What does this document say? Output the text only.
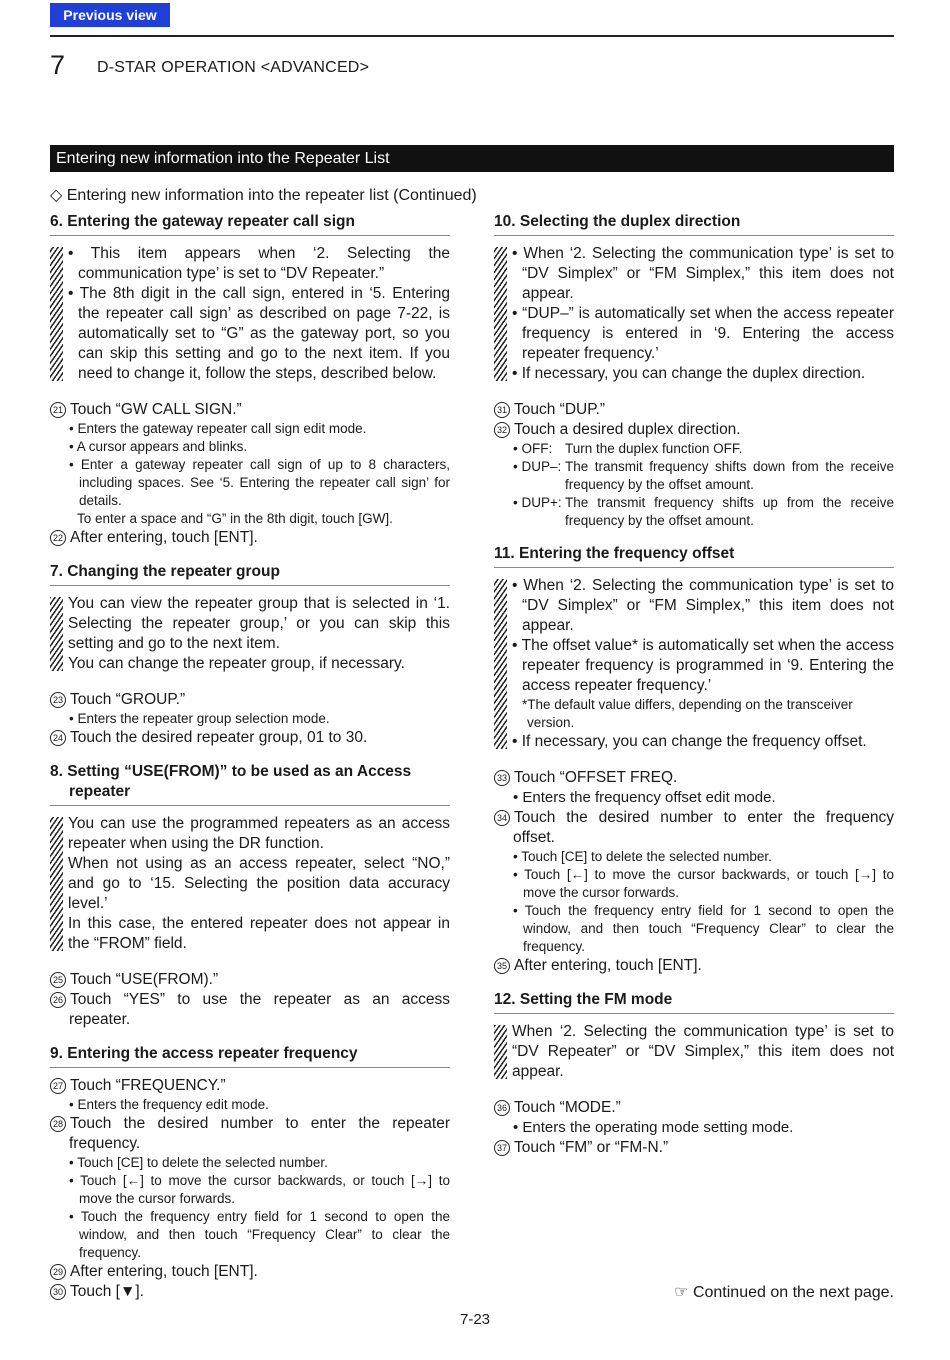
Previous view
7 D-STAR OPERATION <ADVANCED>
Entering new information into the Repeater List
◇ Entering new information into the repeater list (Continued)
6. Entering the gateway repeater call sign
• This item appears when ‘2. Selecting the communication type’ is set to “DV Repeater.”
• The 8th digit in the call sign, entered in ‘5. Entering the repeater call sign’ as described on page 7-22, is automatically set to “G” as the gateway port, so you can skip this setting and go to the next item. If you need to change it, follow the steps, described below.
21 Touch “GW CALL SIGN.”
• Enters the gateway repeater call sign edit mode.
• A cursor appears and blinks.
• Enter a gateway repeater call sign of up to 8 characters, including spaces. See ‘5. Entering the repeater call sign’ for details.
To enter a space and “G” in the 8th digit, touch [GW].
22 After entering, touch [ENT].
7. Changing the repeater group
You can view the repeater group that is selected in ‘1. Selecting the repeater group,’ or you can skip this setting and go to the next item.
You can change the repeater group, if necessary.
23 Touch “GROUP.”
• Enters the repeater group selection mode.
24 Touch the desired repeater group, 01 to 30.
8. Setting “USE(FROM)” to be used as an Access repeater
You can use the programmed repeaters as an access repeater when using the DR function.
When not using as an access repeater, select “NO,” and go to ‘15. Selecting the position data accuracy level.’
In this case, the entered repeater does not appear in the “FROM” field.
25 Touch “USE(FROM).”
26 Touch “YES” to use the repeater as an access repeater.
9. Entering the access repeater frequency
27 Touch “FREQUENCY.”
• Enters the frequency edit mode.
28 Touch the desired number to enter the repeater frequency.
• Touch [CE] to delete the selected number.
• Touch [←] to move the cursor backwards, or touch [→] to move the cursor forwards.
• Touch the frequency entry field for 1 second to open the window, and then touch “Frequency Clear” to clear the frequency.
29 After entering, touch [ENT].
30 Touch [▼].
10. Selecting the duplex direction
• When ‘2. Selecting the communication type’ is set to “DV Simplex” or “FM Simplex,” this item does not appear.
• “DUP–” is automatically set when the access repeater frequency is entered in ‘9. Entering the access repeater frequency.’
• If necessary, you can change the duplex direction.
31 Touch “DUP.”
32 Touch a desired duplex direction.
• OFF: Turn the duplex function OFF.
• DUP–: The transmit frequency shifts down from the receive frequency by the offset amount.
• DUP+: The transmit frequency shifts up from the receive frequency by the offset amount.
11. Entering the frequency offset
• When ‘2. Selecting the communication type’ is set to “DV Simplex” or “FM Simplex,” this item does not appear.
• The offset value* is automatically set when the access repeater frequency is programmed in ‘9. Entering the access repeater frequency.’
*The default value differs, depending on the transceiver version.
• If necessary, you can change the frequency offset.
33 Touch “OFFSET FREQ.
• Enters the frequency offset edit mode.
34 Touch the desired number to enter the frequency offset.
• Touch [CE] to delete the selected number.
• Touch [←] to move the cursor backwards, or touch [→] to move the cursor forwards.
• Touch the frequency entry field for 1 second to open the window, and then touch “Frequency Clear” to clear the frequency.
35 After entering, touch [ENT].
12. Setting the FM mode
When ‘2. Selecting the communication type’ is set to “DV Repeater” or “DV Simplex,” this item does not appear.
36 Touch “MODE.”
• Enters the operating mode setting mode.
37 Touch “FM” or “FM-N.”
☞ Continued on the next page.
7-23
